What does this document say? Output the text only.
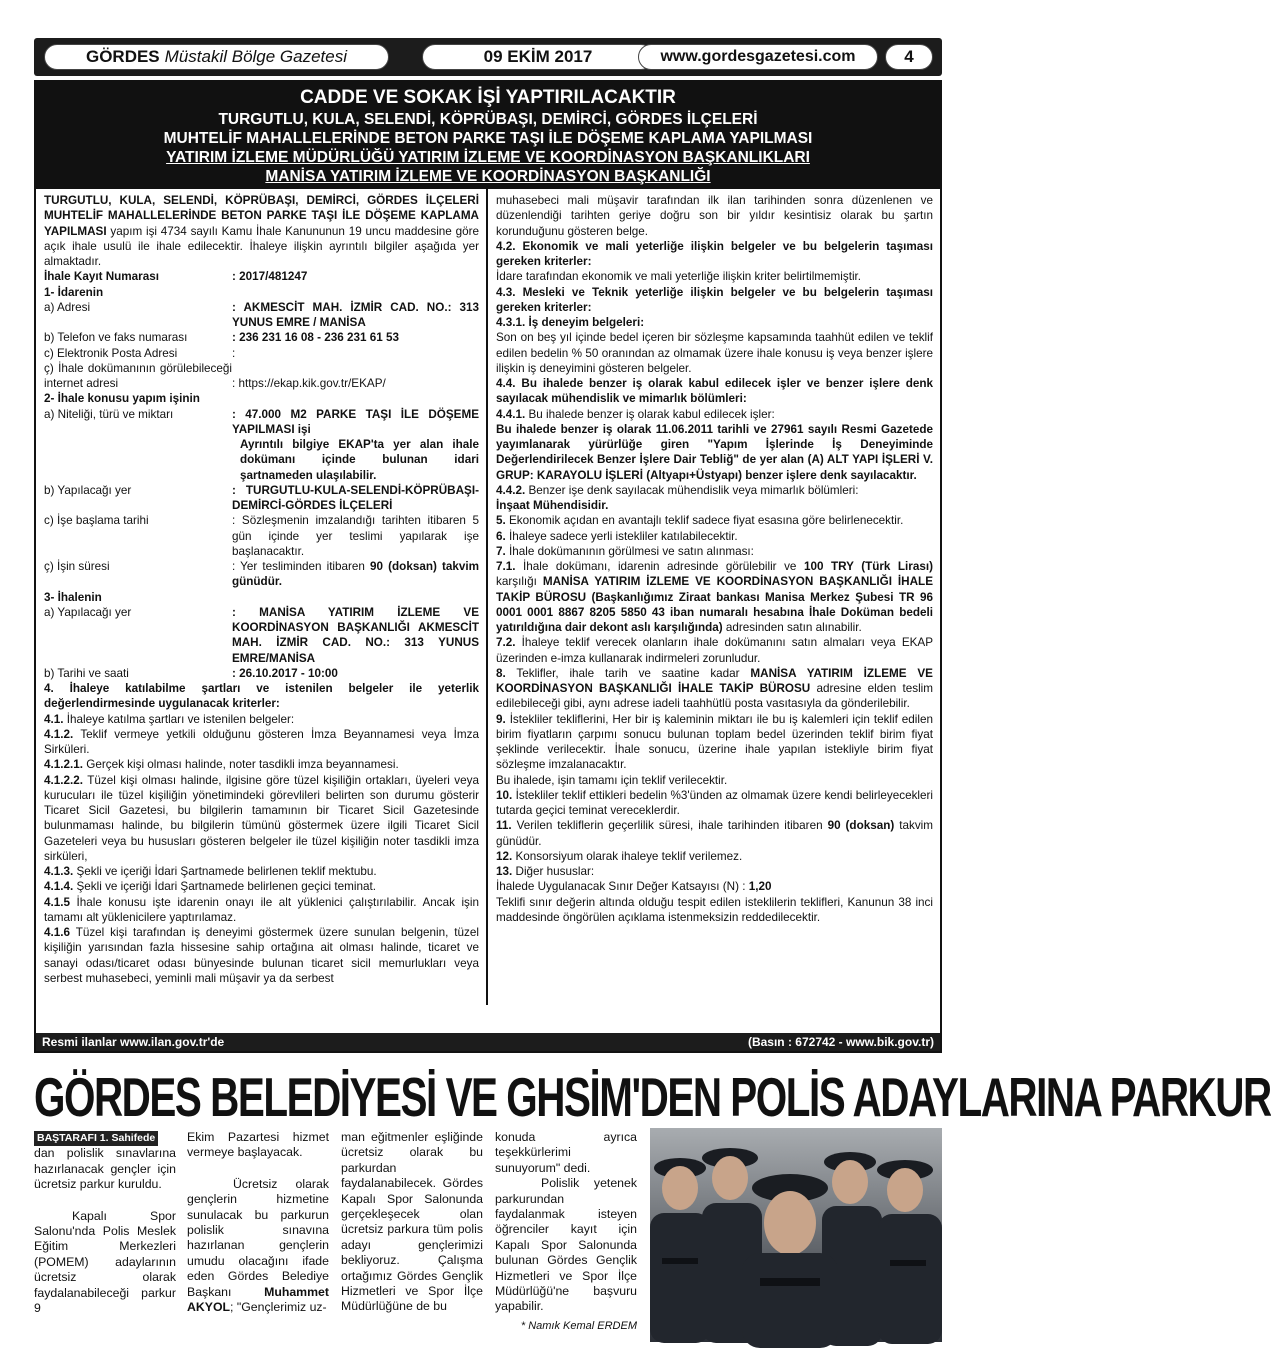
GÖRDES Müstakil Bölge Gazetesi	09 EKİM 2017	www.gordesgazetesi.com	4
CADDE VE SOKAK İŞİ YAPTIRILACAKTIR
TURGUTLU, KULA, SELENDİ, KÖPRÜBAŞI, DEMİRCİ, GÖRDES İLÇELERİ
MUHTELİF MAHALLELERİNDE BETON PARKE TAŞI İLE DÖŞEME KAPLAMA YAPILMASI
YATIRIM İZLEME MÜDÜRLÜĞÜ YATIRIM İZLEME VE KOORDİNASYON BAŞKANLIKLARI
MANİSA YATIRIM İZLEME VE KOORDİNASYON BAŞKANLIĞI

TURGUTLU, KULA, SELENDİ, KÖPRÜBAŞI, DEMİRCİ, GÖRDES İLÇELERİ MUHTELİF MAHALLELERİNDE BETON PARKE TAŞI İLE DÖŞEME KAPLAMA YAPILMASI yapım işi 4734 sayılı Kamu İhale Kanununun 19 uncu maddesine göre açık ihale usulü ile ihale edilecektir. İhaleye ilişkin ayrıntılı bilgiler aşağıda yer almaktadır.

İhale Kayıt Numarası	: 2017/481247

1- İdarenin

a) Adresi	: AKMESCİT MAH. İZMİR CAD. NO.: 313 YUNUS EMRE / MANİSA
b) Telefon ve faks numarası	: 236 231 16 08 - 236 231 61 53
c) Elektronik Posta Adresi	:
ç) İhale dokümanının görülebileceği internet adresi	: https://ekap.kik.gov.tr/EKAP/

2- İhale konusu yapım işinin

a) Niteliği, türü ve miktarı	: 47.000 M2 PARKE TAŞI İLE DÖŞEME YAPILMASI işi

Ayrıntılı bilgiye EKAP'ta yer alan ihale dokümanı içinde bulunan idari şartnameden ulaşılabilir.
b) Yapılacağı yer	: TURGUTLU-KULA-SELENDİ-KÖPRÜBAŞI-DEMİRCİ-GÖRDES İLÇELERİ
c) İşe başlama tarihi	: Sözleşmenin imzalandığı tarihten itibaren 5 gün içinde yer teslimi yapılarak işe başlanacaktır.
ç) İşin süresi	: Yer tesliminden itibaren 90 (doksan) takvim günüdür.

3- İhalenin

a) Yapılacağı yer	: MANİSA YATIRIM İZLEME VE KOORDİNASYON BAŞKANLIĞI AKMESCİT MAH. İZMİR CAD. NO.: 313 YUNUS EMRE/MANİSA
b) Tarihi ve saati	: 26.10.2017 - 10:00

4. İhaleye katılabilme şartları ve istenilen belgeler ile yeterlik değerlendirmesinde uygulanacak kriterler:

4.1. İhaleye katılma şartları ve istenilen belgeler:

4.1.2. Teklif vermeye yetkili olduğunu gösteren İmza Beyannamesi veya İmza Sirküleri.

4.1.2.1. Gerçek kişi olması halinde, noter tasdikli imza beyannamesi.

4.1.2.2. Tüzel kişi olması halinde, ilgisine göre tüzel kişiliğin ortakları, üyeleri veya kurucuları ile tüzel kişiliğin yönetimindeki görevlileri belirten son durumu gösterir Ticaret Sicil Gazetesi, bu bilgilerin tamamının bir Ticaret Sicil Gazetesinde bulunmaması halinde, bu bilgilerin tümünü göstermek üzere ilgili Ticaret Sicil Gazeteleri veya bu hususları gösteren belgeler ile tüzel kişiliğin noter tasdikli imza sirküleri,

4.1.3. Şekli ve içeriği İdari Şartnamede belirlenen teklif mektubu.

4.1.4. Şekli ve içeriği İdari Şartnamede belirlenen geçici teminat.

4.1.5 İhale konusu işte idarenin onayı ile alt yüklenici çalıştırılabilir. Ancak işin tamamı alt yüklenicilere yaptırılamaz.

4.1.6 Tüzel kişi tarafından iş deneyimi göstermek üzere sunulan belgenin, tüzel kişiliğin yarısından fazla hissesine sahip ortağına ait olması halinde, ticaret ve sanayi odası/ticaret odası bünyesinde bulunan ticaret sicil memurlukları veya serbest muhasebeci, yeminli mali müşavir ya da serbest

muhasebeci mali müşavir tarafından ilk ilan tarihinden sonra düzenlenen ve düzenlendiği tarihten geriye doğru son bir yıldır kesintisiz olarak bu şartın korunduğunu gösteren belge.

4.2. Ekonomik ve mali yeterliğe ilişkin belgeler ve bu belgelerin taşıması gereken kriterler:

İdare tarafından ekonomik ve mali yeterliğe ilişkin kriter belirtilmemiştir.

4.3. Mesleki ve Teknik yeterliğe ilişkin belgeler ve bu belgelerin taşıması gereken kriterler:

4.3.1. İş deneyim belgeleri:

Son on beş yıl içinde bedel içeren bir sözleşme kapsamında taahhüt edilen ve teklif edilen bedelin % 50 oranından az olmamak üzere ihale konusu iş veya benzer işlere ilişkin iş deneyimini gösteren belgeler.

4.4. Bu ihalede benzer iş olarak kabul edilecek işler ve benzer işlere denk sayılacak mühendislik ve mimarlık bölümleri:

4.4.1. Bu ihalede benzer iş olarak kabul edilecek işler:

Bu ihalede benzer iş olarak 11.06.2011 tarihli ve 27961 sayılı Resmi Gazetede yayımlanarak yürürlüğe giren "Yapım İşlerinde İş Deneyiminde Değerlendirilecek Benzer İşlere Dair Tebliğ" de yer alan (A) ALT YAPI İŞLERİ V. GRUP: KARAYOLU İŞLERİ (Altyapı+Üstyapı) benzer işlere denk sayılacaktır.

4.4.2. Benzer işe denk sayılacak mühendislik veya mimarlık bölümleri:

İnşaat Mühendisidir.

5. Ekonomik açıdan en avantajlı teklif sadece fiyat esasına göre belirlenecektir.

6. İhaleye sadece yerli istekliler katılabilecektir.

7. İhale dokümanının görülmesi ve satın alınması:

7.1. İhale dokümanı, idarenin adresinde görülebilir ve 100 TRY (Türk Lirası) karşılığı MANİSA YATIRIM İZLEME VE KOORDİNASYON BAŞKANLIĞI İHALE TAKİP BÜROSU (Başkanlığımız Ziraat bankası Manisa Merkez Şubesi TR 96 0001 0001 8867 8205 5850 43 iban numaralı hesabına İhale Doküman bedeli yatırıldığına dair dekont aslı karşılığında) adresinden satın alınabilir.

7.2. İhaleye teklif verecek olanların ihale dokümanını satın almaları veya EKAP üzerinden e-imza kullanarak indirmeleri zorunludur.

8. Teklifler, ihale tarih ve saatine kadar MANİSA YATIRIM İZLEME VE KOORDİNASYON BAŞKANLIĞI İHALE TAKİP BÜROSU adresine elden teslim edilebileceği gibi, aynı adrese iadeli taahhütlü posta vasıtasıyla da gönderilebilir.

9. İstekliler tekliflerini, Her bir iş kaleminin miktarı ile bu iş kalemleri için teklif edilen birim fiyatların çarpımı sonucu bulunan toplam bedel üzerinden teklif birim fiyat şeklinde verilecektir. İhale sonucu, üzerine ihale yapılan istekliyle birim fiyat sözleşme imzalanacaktır.

Bu ihalede, işin tamamı için teklif verilecektir.

10. İstekliler teklif ettikleri bedelin %3'ünden az olmamak üzere kendi belirleyecekleri tutarda geçici teminat vereceklerdir.

11. Verilen tekliflerin geçerlilik süresi, ihale tarihinden itibaren 90 (doksan) takvim günüdür.

12. Konsorsiyum olarak ihaleye teklif verilemez.

13. Diğer hususlar:

İhalede Uygulanacak Sınır Değer Katsayısı (N) : 1,20

Teklifi sınır değerin altında olduğu tespit edilen isteklilerin teklifleri, Kanunun 38 inci maddesinde öngörülen açıklama istenmeksizin reddedilecektir.

Resmi ilanlar www.ilan.gov.tr'de	(Basın : 672742 - www.bik.gov.tr)
GÖRDES BELEDİYESİ VE GHSİM'DEN POLİS ADAYLARINA PARKUR
BAŞTARAFI 1. Sahifede

dan polislik sınavlarına hazırlanacak gençler için ücretsiz parkur kuruldu.

Kapalı Spor Salonu'nda Polis Meslek Eğitim Merkezleri (POMEM) adaylarının ücretsiz olarak faydalanabileceği parkur 9

Ekim Pazartesi hizmet vermeye başlayacak.

Ücretsiz olarak gençlerin hizmetine sunulacak bu parkurun polislik sınavına hazırlanan gençlerin umudu olacağını ifade eden Gördes Belediye Başkanı Muhammet AKYOL; "Gençlerimiz uz-

man eğitmenler eşliğinde ücretsiz olarak bu parkurdan faydalanabilecek. Gördes Kapalı Spor Salonunda gerçekleşecek olan ücretsiz parkura tüm polis adayı gençlerimizi bekliyoruz. Çalışma ortağımız Gördes Gençlik Hizmetleri ve Spor İlçe Müdürlüğüne de bu

konuda ayrıca teşekkürlerimi sunuyorum" dedi.

Polislik yetenek parkurundan faydalanmak isteyen öğrenciler kayıt için Kapalı Spor Salonunda bulunan Gördes Gençlik Hizmetleri ve Spor İlçe Müdürlüğü'ne başvuru yapabilir.

* Namık Kemal ERDEM
